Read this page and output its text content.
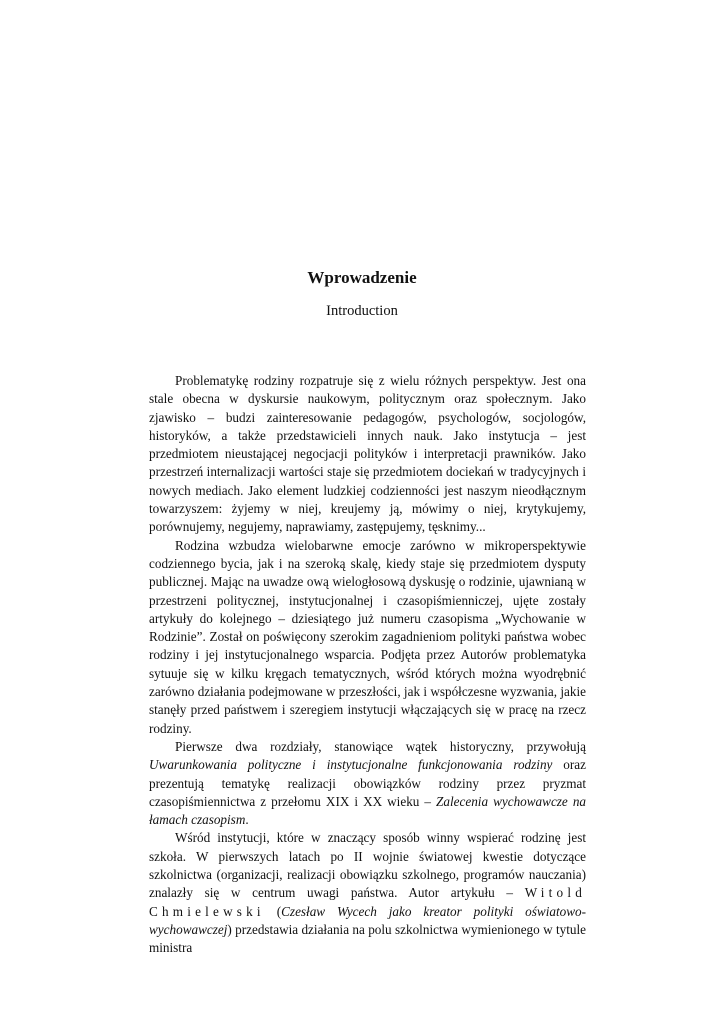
Wprowadzenie
Introduction

Problematykę rodziny rozpatruje się z wielu różnych perspektyw. Jest ona stale obecna w dyskursie naukowym, politycznym oraz społecznym. Jako zjawisko – budzi zainteresowanie pedagogów, psychologów, socjologów, historyków, a także przedstawicieli innych nauk. Jako instytucja – jest przedmiotem nieustającej negocjacji polityków i interpretacji prawników. Jako przestrzeń internalizacji wartości staje się przedmiotem dociekań w tradycyjnych i nowych mediach. Jako element ludzkiej codzienności jest naszym nieodłącznym towarzyszem: żyjemy w niej, kreujemy ją, mówimy o niej, krytykujemy, porównujemy, negujemy, naprawiamy, zastępujemy, tęsknimy...

Rodzina wzbudza wielobarwne emocje zarówno w mikroperspektywie codziennego bycia, jak i na szeroką skalę, kiedy staje się przedmiotem dysputy publicznej. Mając na uwadze ową wielogłosową dyskusję o rodzinie, ujawnianą w przestrzeni politycznej, instytucjonalnej i czasopiśmienniczej, ujęte zostały artykuły do kolejnego – dziesiątego już numeru czasopisma „Wychowanie w Rodzinie”. Został on poświęcony szerokim zagadnieniom polityki państwa wobec rodziny i jej instytucjonalnego wsparcia. Podjęta przez Autorów problematyka sytuuje się w kilku kręgach tematycznych, wśród których można wyodrębnić zarówno działania podejmowane w przeszłości, jak i współczesne wyzwania, jakie stanęły przed państwem i szeregiem instytucji włączających się w pracę na rzecz rodziny.

Pierwsze dwa rozdziały, stanowiące wątek historyczny, przywołują Uwarunkowania polityczne i instytucjonalne funkcjonowania rodziny oraz prezentują tematykę realizacji obowiązków rodziny przez pryzmat czasopiśmiennictwa z przełomu XIX i XX wieku – Zalecenia wychowawcze na łamach czasopism.

Wśród instytucji, które w znaczący sposób winny wspierać rodzinę jest szkoła. W pierwszych latach po II wojnie światowej kwestie dotyczące szkolnictwa (organizacji, realizacji obowiązku szkolnego, programów nauczania) znalazły się w centrum uwagi państwa. Autor artykułu – Witold Chmielewski (Czesław Wycech jako kreator polityki oświatowo-wychowawczej) przedstawia działania na polu szkolnictwa wymienionego w tytule ministra
